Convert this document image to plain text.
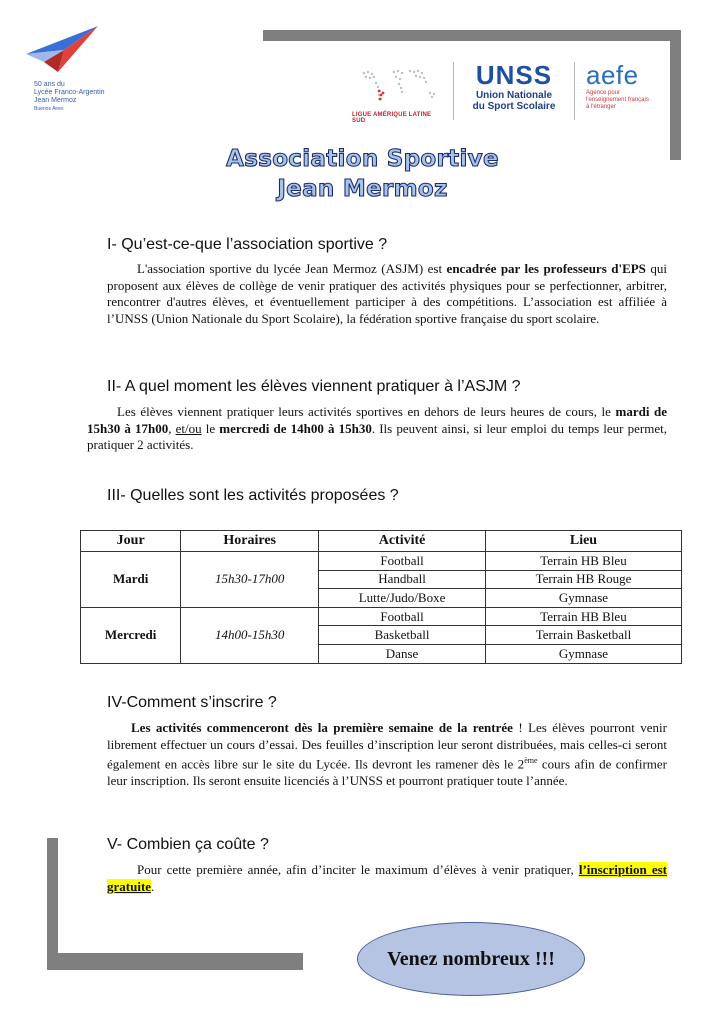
50 ans du
Lycée Franco-Argentin
Jean Mermoz
Buenos Aires
LIGUE AMÉRIQUE LATINE SUD
UNSS
Union Nationale
du Sport Scolaire
aefe
Agence pour
l'enseignement français
à l'étranger
Association Sportive
Jean Mermoz
I- Qu’est-ce-que l’association sportive ?

L'association sportive du lycée Jean Mermoz (ASJM) est encadrée par les professeurs d'EPS qui proposent aux élèves de collège de venir pratiquer des activités physiques pour se perfectionner, arbitrer, rencontrer d'autres élèves, et éventuellement participer à des compétitions. L’association est affiliée à l’UNSS (Union Nationale du Sport Scolaire), la fédération sportive française du sport scolaire.

II- A quel moment les élèves viennent pratiquer à l’ASJM ?

Les élèves viennent pratiquer leurs activités sportives en dehors de leurs heures de cours, le mardi de 15h30 à 17h00, et/ou le mercredi de 14h00 à 15h30. Ils peuvent ainsi, si leur emploi du temps leur permet, pratiquer 2 activités.

III- Quelles sont les activités proposées ?
Jour	Horaires	Activité	Lieu
Mardi	15h30-17h00	Football	Terrain HB Bleu
		Handball	Terrain HB Rouge
		Lutte/Judo/Boxe	Gymnase
Mercredi	14h00-15h30	Football	Terrain HB Bleu
		Basketball	Terrain Basketball
		Danse	Gymnase
IV-Comment s’inscrire ?

Les activités commenceront dès la première semaine de la rentrée ! Les élèves pourront venir librement effectuer un cours d’essai. Des feuilles d’inscription leur seront distribuées, mais celles-ci seront également en accès libre sur le site du Lycée. Ils devront les ramener dès le 2ème cours afin de confirmer leur inscription. Ils seront ensuite licenciés à l’UNSS et pourront pratiquer toute l’année.

V- Combien ça coûte ?

Pour cette première année, afin d’inciter le maximum d’élèves à venir pratiquer, l’inscription est gratuite.

Venez nombreux !!!
